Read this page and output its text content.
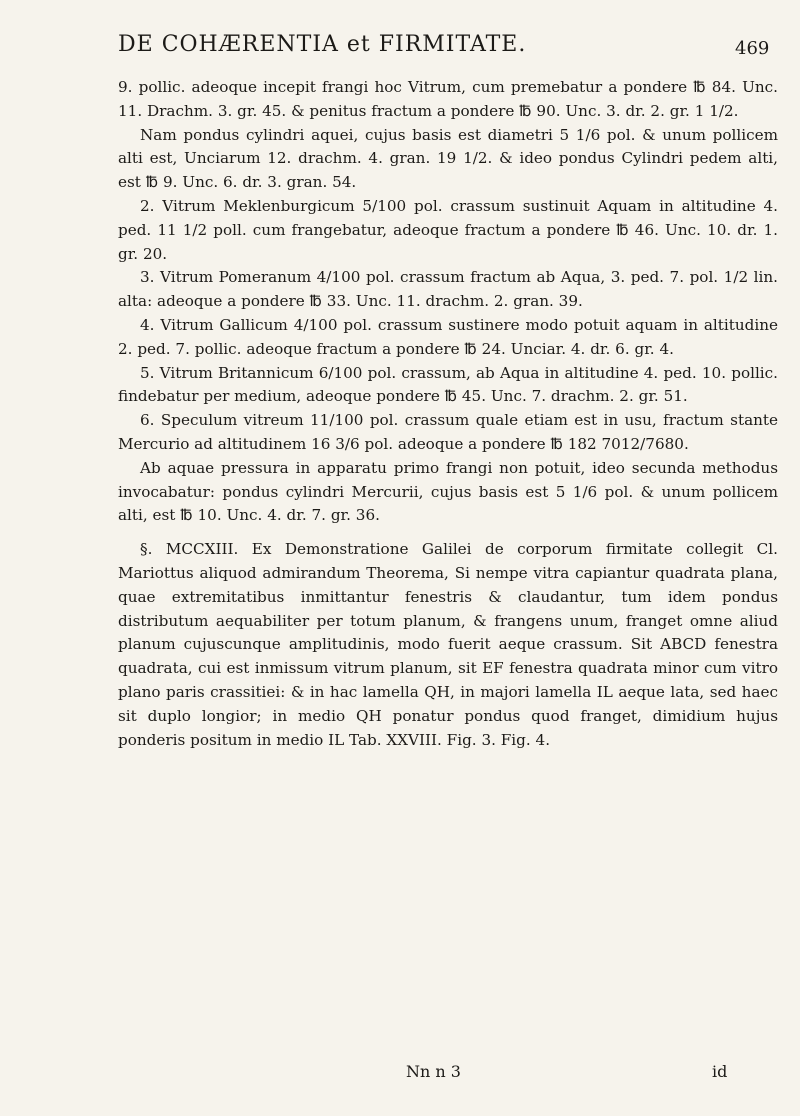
DE COHÆRENTIA et FIRMITATE.	469

9. pollic. adeoque incepit frangi hoc Vitrum, cum premebatur a pondere ℔ 84. Unc. 11. Drachm. 3. gr. 45. & penitus fractum a pondere ℔ 90. Unc. 3. dr. 2. gr. 1 1/2.

Nam pondus cylindri aquei, cujus basis est diametri 5 1/6 pol. & unum pollicem alti est, Unciarum 12. drachm. 4. gran. 19 1/2. & ideo pondus Cylindri pedem alti, est ℔ 9. Unc. 6. dr. 3. gran. 54.

2. Vitrum Meklenburgicum 5/100 pol. crassum sustinuit Aquam in altitudine 4. ped. 11 1/2 poll. cum frangebatur, adeoque fractum a pondere ℔ 46. Unc. 10. dr. 1. gr. 20.

3. Vitrum Pomeranum 4/100 pol. crassum fractum ab Aqua, 3. ped. 7. pol. 1/2 lin. alta: adeoque a pondere ℔ 33. Unc. 11. drachm. 2. gran. 39.

4. Vitrum Gallicum 4/100 pol. crassum sustinere modo potuit aquam in altitudine 2. ped. 7. pollic. adeoque fractum a pondere ℔ 24. Unciar. 4. dr. 6. gr. 4.

5. Vitrum Britannicum 6/100 pol. crassum, ab Aqua in altitudine 4. ped. 10. pollic. findebatur per medium, adeoque pondere ℔ 45. Unc. 7. drachm. 2. gr. 51.

6. Speculum vitreum 11/100 pol. crassum quale etiam est in usu, fractum stante Mercurio ad altitudinem 16 3/6 pol. adeoque a pondere ℔ 182 7012/7680.

Ab aquae pressura in apparatu primo frangi non potuit, ideo secunda methodus invocabatur: pondus cylindri Mercurii, cujus basis est 5 1/6 pol. & unum pollicem alti, est ℔ 10. Unc. 4. dr. 7. gr. 36.

§. MCCXIII. Ex Demonstratione Galilei de corporum firmitate collegit Cl. Mariottus aliquod admirandum Theorema, Si nempe vitra capiantur quadrata plana, quae extremitatibus inmittantur fenestris & claudantur, tum idem pondus distributum aequabiliter per totum planum, & frangens unum, franget omne aliud planum cujuscunque amplitudinis, modo fuerit aeque crassum. Sit ABCD fenestra quadrata, cui est inmissum vitrum planum, sit EF fenestra quadrata minor cum vitro plano paris crassitiei: & in hac lamella QH, in majori lamella IL aeque lata, sed haec sit duplo longior; in medio QH ponatur pondus quod franget, dimidium hujus ponderis positum in medio IL Tab. XXVIII. Fig. 3. Fig. 4.

Nn n 3	id
